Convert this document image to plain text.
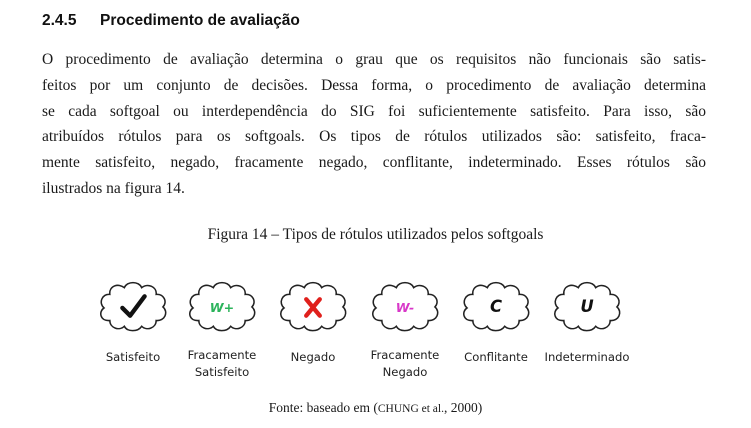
2.4.5 Procedimento de avaliação
O procedimento de avaliação determina o grau que os requisitos não funcionais são satis-
feitos por um conjunto de decisões. Dessa forma, o procedimento de avaliação determina
se cada softgoal ou interdependência do SIG foi suficientemente satisfeito. Para isso, são
atribuídos rótulos para os softgoals. Os tipos de rótulos utilizados são: satisfeito, fraca-
mente satisfeito, negado, fracamente negado, conflitante, indeterminado. Esses rótulos são
ilustrados na figura 14.
Figura 14 – Tipos de rótulos utilizados pelos softgoals
Satisfeito
W+
Fracamente
Satisfeito
Negado
W-
Fracamente
Negado
C
Conflitante
U
Indeterminado
Fonte: baseado em (CHUNG et al., 2000)
